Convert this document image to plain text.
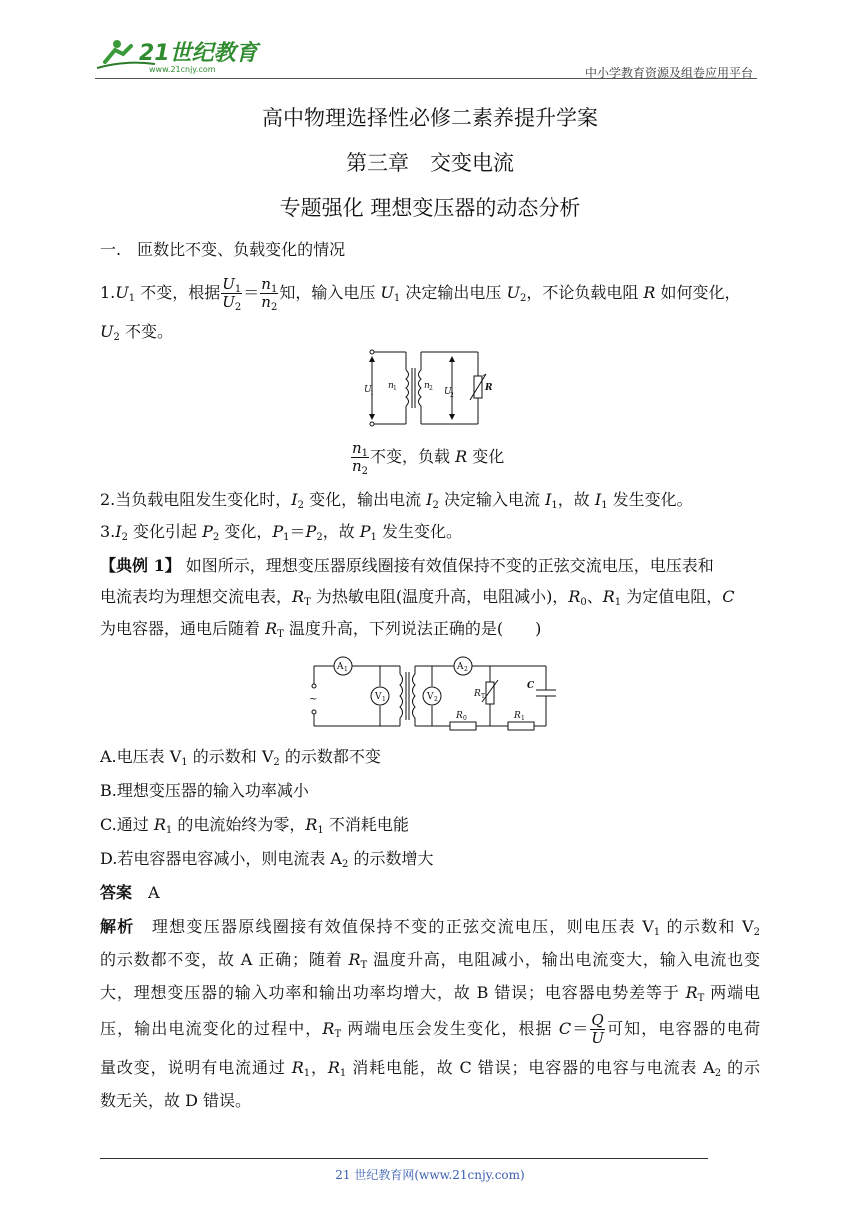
21世纪教育
www.21cnjy.com	中小学教育资源及组卷应用平台
高中物理选择性必修二素养提升学案
第三章　交变电流
专题强化 理想变压器的动态分析
一.　匝数比不变、负载变化的情况
$1.U_1$ 不变，根据 $\frac{U_1}{U_2} = \frac{n_1}{n_2}$ 知，输入电压 $U_1$ 决定输出电压 $U_2$，不论负载电阻 R 如何变化，
$U_2$ 不变。
U
1
n 1	n 2 U
2
R
$\frac{n_1}{n_2}$ 不变，负载 R 变化
2.当负载电阻发生变化时，$I_2$ 变化，输出电流 $I_2$ 决定输入电流 $I_1$，故 $I_1$ 发生变化。
$3.I_2$ 变化引起 $P_2$ 变化，$P_1=P_2$，故 $P_1$ 发生变化。
【典例 1】 如图所示，理想变压器原线圈接有效值保持不变的正弦交流电压，电压表和
电流表均为理想交流电表，$R_T$ 为热敏电阻(温度升高，电阻减小)，$R_0$、$R_1$ 为定值电阻，C
为电容器，通电后随着 $R_T$ 温度升高，下列说法正确的是(　　)
A 1	A 2
V 1	V 2
~	R T
C
R 0	R 1
A.电压表 $V_1$ 的示数和 $V_2$ 的示数都不变
B.理想变压器的输入功率减小
C.通过 $R_1$ 的电流始终为零，$R_1$ 不消耗电能
D.若电容器电容减小，则电流表 $A_2$ 的示数增大
答案　 A
解析　理想变压器原线圈接有效值保持不变的正弦交流电压，则电压表 $V_1$ 的示数和 $V_2$
的示数都不变，故 A 正确；随着 $R_T$ 温度升高，电阻减小，输出电流变大，输入电流也变
大，理想变压器的输入功率和输出功率均增大，故 B 错误；电容器电势差等于 $R_T$ 两端电
压，输出电流变化的过程中，$R_T$ 两端电压会发生变化，根据 $C= \frac{Q}{U}$ 可知，电容器的电荷
量改变，说明有电流通过 $R_1$，$R_1$ 消耗电能，故 C 错误；电容器的电容与电流表 $A_2$ 的示
数无关，故 D 错误。
21 世纪教育网(www.21cnjy.com)
